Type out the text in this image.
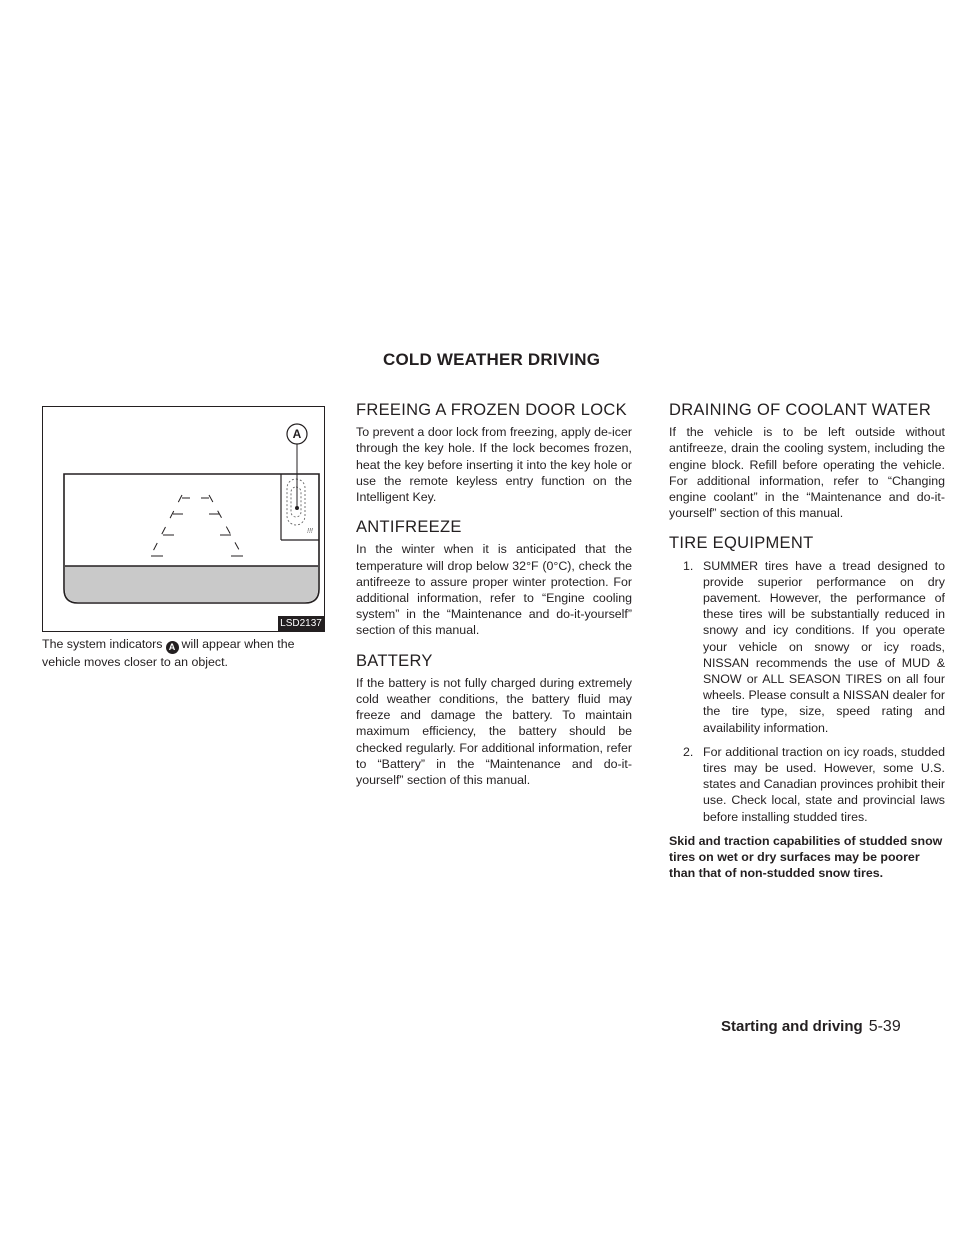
COLD WEATHER DRIVING
!!!
A
LSD2137

The system indicators A will appear when the vehicle moves closer to an object.

FREEING A FROZEN DOOR LOCK

To prevent a door lock from freezing, apply de-icer through the key hole. If the lock becomes frozen, heat the key before inserting it into the key hole or use the remote keyless entry function on the Intelligent Key.

ANTIFREEZE

In the winter when it is anticipated that the temperature will drop below 32°F (0°C), check the antifreeze to assure proper winter protection. For additional information, refer to “Engine cooling system” in the “Maintenance and do-it-yourself” section of this manual.

BATTERY

If the battery is not fully charged during extremely cold weather conditions, the battery fluid may freeze and damage the battery. To maintain maximum efficiency, the battery should be checked regularly. For additional information, refer to “Battery” in the “Maintenance and do-it-yourself” section of this manual.

DRAINING OF COOLANT WATER

If the vehicle is to be left outside without antifreeze, drain the cooling system, including the engine block. Refill before operating the vehicle. For additional information, refer to “Changing engine coolant” in the “Maintenance and do-it-yourself” section of this manual.

TIRE EQUIPMENT
1. SUMMER tires have a tread designed to provide superior performance on dry pavement. However, the performance of these tires will be substantially reduced in snowy and icy conditions. If you operate your vehicle on snowy or icy roads, NISSAN recommends the use of MUD & SNOW or ALL SEASON TIRES on all four wheels. Please consult a NISSAN dealer for the tire type, size, speed rating and availability information.
2. For additional traction on icy roads, studded tires may be used. However, some U.S. states and Canadian provinces prohibit their use. Check local, state and provincial laws before installing studded tires.

Skid and traction capabilities of studded snow tires on wet or dry surfaces may be poorer than that of non-studded snow tires.

Starting and driving 5-39
